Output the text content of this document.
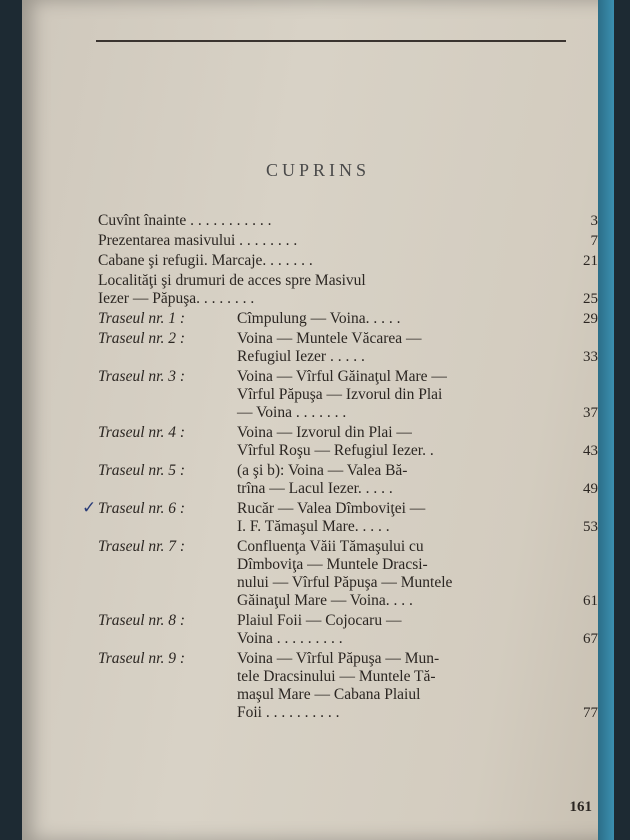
CUPRINS
Cuvînt înainte . . . . . . . . . . .	3
Prezentarea masivului . . . . . . . .	7
Cabane şi refugii. Marcaje. . . . . . .	21
Localităţi şi drumuri de acces spre Masivul
Iezer — Păpuşa. . . . . . . .	25
Traseul nr. 1 :	Cîmpulung — Voina. . . . .	29
Traseul nr. 2 :	Voina — Muntele Văcarea —
Refugiul Iezer . . . . .	33
Traseul nr. 3 :	Voina — Vîrful Găinaţul Mare —
Vîrful Păpuşa — Izvorul din Plai
— Voina . . . . . . .	37
Traseul nr. 4 :	Voina — Izvorul din Plai —
Vîrful Roşu — Refugiul Iezer. .	43
Traseul nr. 5 :	(a şi b): Voina — Valea Bă-
trîna — Lacul Iezer. . . . .	49
✓ Traseul nr. 6 :	Rucăr — Valea Dîmboviţei —
I. F. Tămaşul Mare. . . . .	53
Traseul nr. 7 :	Confluenţa Văii Tămaşului cu
Dîmboviţa — Muntele Dracsi-
nului — Vîrful Păpuşa — Muntele
Găinaţul Mare — Voina. . . .	61
Traseul nr. 8 :	Plaiul Foii — Cojocaru —
Voina . . . . . . . . .	67
Traseul nr. 9 :	Voina — Vîrful Păpuşa — Mun-
tele Dracsinului — Muntele Tă-
maşul Mare — Cabana Plaiul
Foii . . . . . . . . . .	77
161
